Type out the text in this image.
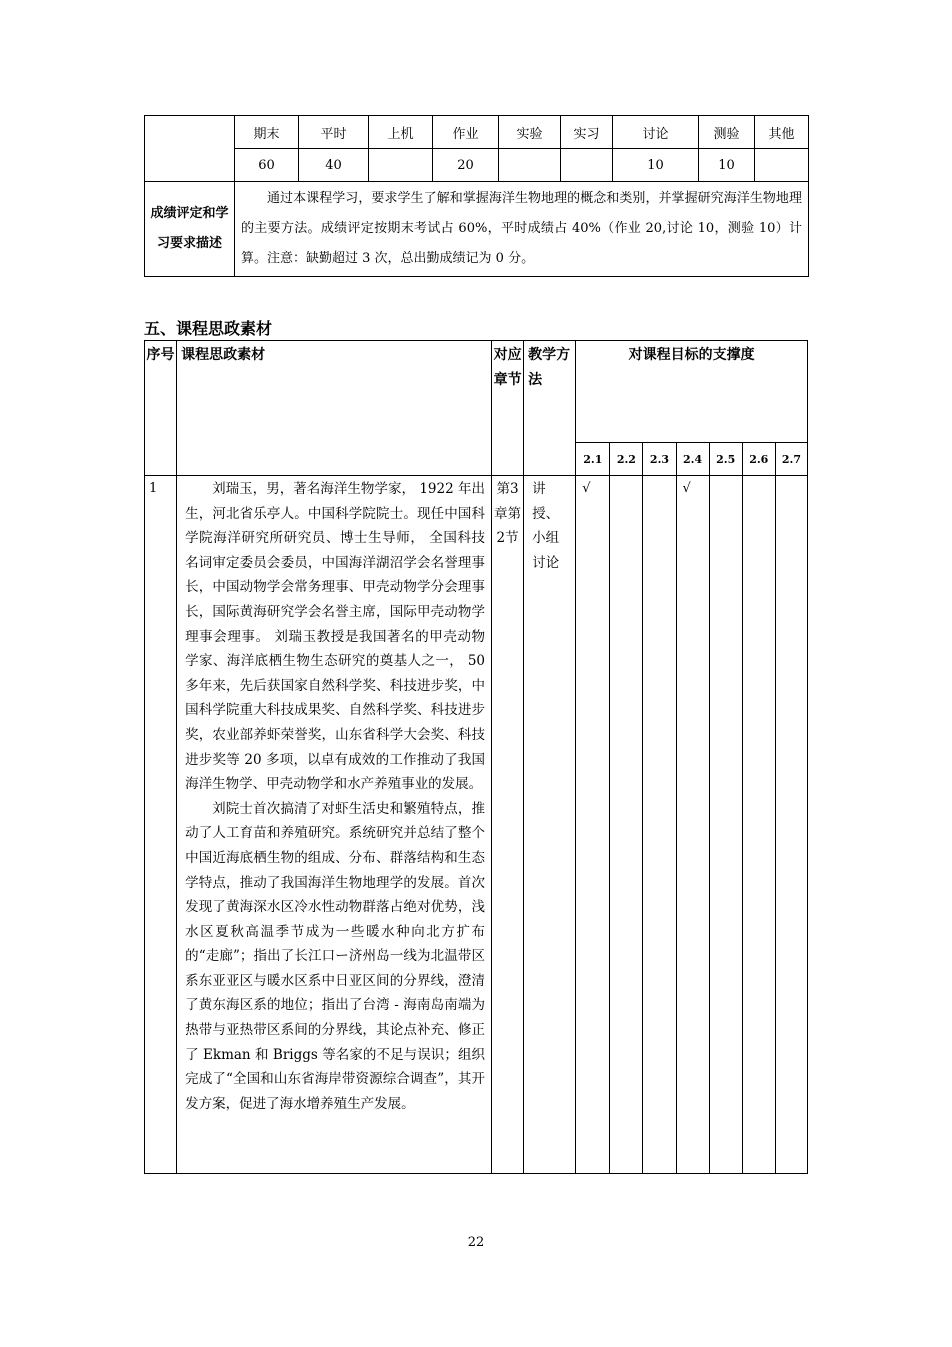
	期末	平时	上机	作业	实验	实习	讨论	测验	其他
	60	40		20			10	10	
成绩评定和学习要求描述	通过本课程学习，要求学生了解和掌握海洋生物地理的概念和类别，并掌握研究海洋生物地理的主要方法。成绩评定按期末考试占 60%，平时成绩占 40%（作业 20,讨论 10，测验 10）计算。注意：缺勤超过 3 次，总出勤成绩记为 0 分。								

五、课程思政素材
序号	课程思政素材	对应章节	教学方法	对课程目标的支撑度						
				2.1	2.2	2.3	2.4	2.5	2.6	2.7
1	刘瑞玉，男，著名海洋生物学家， 1922 年出生，河北省乐亭人。中国科学院院士。现任中国科学院海洋研究所研究员、博士生导师， 全国科技名词审定委员会委员，中国海洋湖沼学会名誉理事长，中国动物学会常务理事、甲壳动物学分会理事长，国际黄海研究学会名誉主席，国际甲壳动物学理事会理事。 刘瑞玉教授是我国著名的甲壳动物学家、海洋底栖生物生态研究的奠基人之一， 50 多年来，先后获国家自然科学奖、科技进步奖，中国科学院重大科技成果奖、自然科学奖、科技进步奖，农业部养虾荣誉奖，山东省科学大会奖、科技进步奖等 20 多项，以卓有成效的工作推动了我国海洋生物学、甲壳动物学和水产养殖事业的发展。

刘院士首次搞清了对虾生活史和繁殖特点，推动了人工育苗和养殖研究。系统研究并总结了整个中国近海底栖生物的组成、分布、群落结构和生态学特点，推动了我国海洋生物地理学的发展。首次发现了黄海深水区冷水性动物群落占绝对优势，浅水区夏秋高温季节成为一些暖水种向北方扩布的“走廊”；指出了长江口ー济州岛一线为北温带区系东亚亚区与暖水区系中日亚区间的分界线，澄清了黄东海区系的地位；指出了台湾 - 海南岛南端为热带与亚热带区系间的分界线，其论点补充、修正了 Ekman 和 Briggs 等名家的不足与误识；组织完成了“全国和山东省海岸带资源综合调查”，其开发方案，促进了海水增养殖生产发展。	第3章第2节	讲授、小组讨论	√			√			
22
